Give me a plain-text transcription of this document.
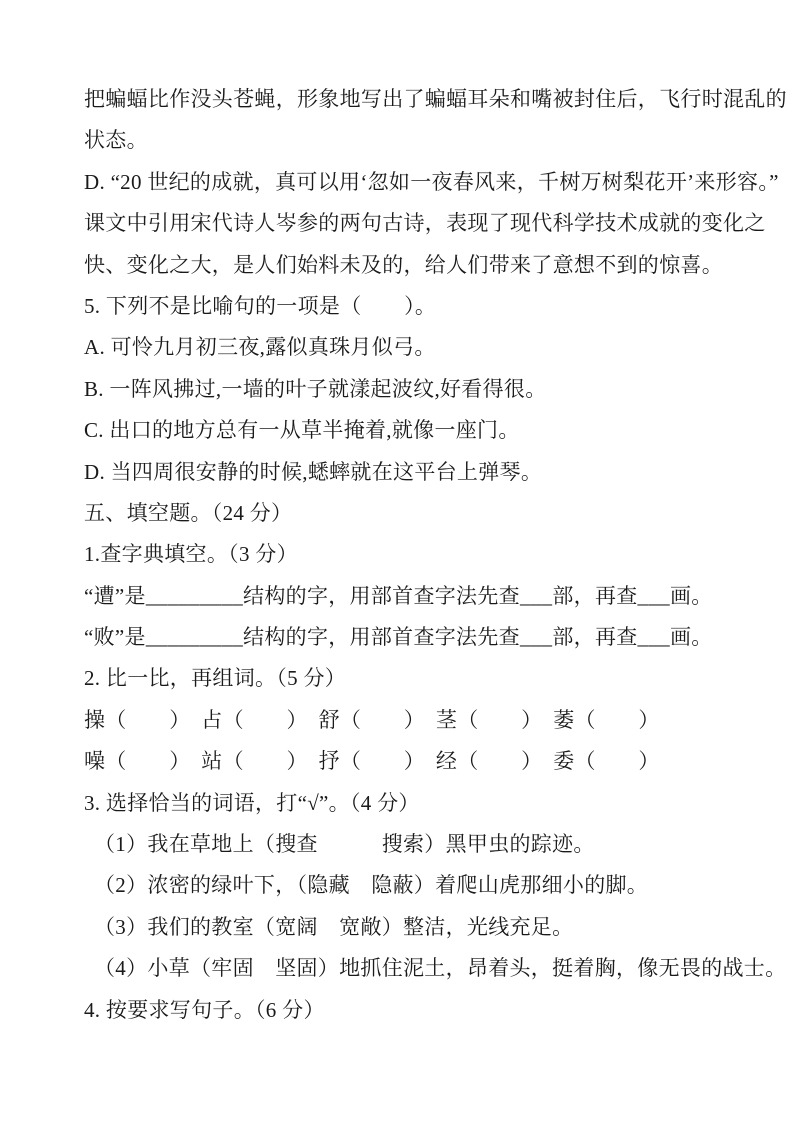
把蝙蝠比作没头苍蝇，形象地写出了蝙蝠耳朵和嘴被封住后，飞行时混乱的
状态。
D. “20 世纪的成就，真可以用‘忽如一夜春风来，千树万树梨花开’来形容。”
课文中引用宋代诗人岑参的两句古诗，表现了现代科学技术成就的变化之
快、变化之大，是人们始料未及的，给人们带来了意想不到的惊喜。
5. 下列不是比喻句的一项是（　　）。
A. 可怜九月初三夜,露似真珠月似弓。
B. 一阵风拂过,一墙的叶子就漾起波纹,好看得很。
C. 出口的地方总有一从草半掩着,就像一座门。
D. 当四周很安静的时候,蟋蟀就在这平台上弹琴。
五、填空题。（24 分）
1.查字典填空。（3 分）
“遭”是_________结构的字，用部首查字法先查___部，再查___画。
“败”是_________结构的字，用部首查字法先查___部，再查___画。
2. 比一比，再组词。（5 分）
操（　　）　占（　　）　舒（　　）　茎（　　）　萎（　　）
噪（　　）　站（　　）　抒（　　）　经（　　）　委（　　）
3. 选择恰当的词语，打“√”。（4 分）
（1）我在草地上（搜查　　　搜索）黑甲虫的踪迹。
（2）浓密的绿叶下，（隐藏　隐蔽）着爬山虎那细小的脚。
（3）我们的教室（宽阔　宽敞）整洁，光线充足。
（4）小草（牢固　坚固）地抓住泥土，昂着头，挺着胸，像无畏的战士。
4. 按要求写句子。（6 分）
